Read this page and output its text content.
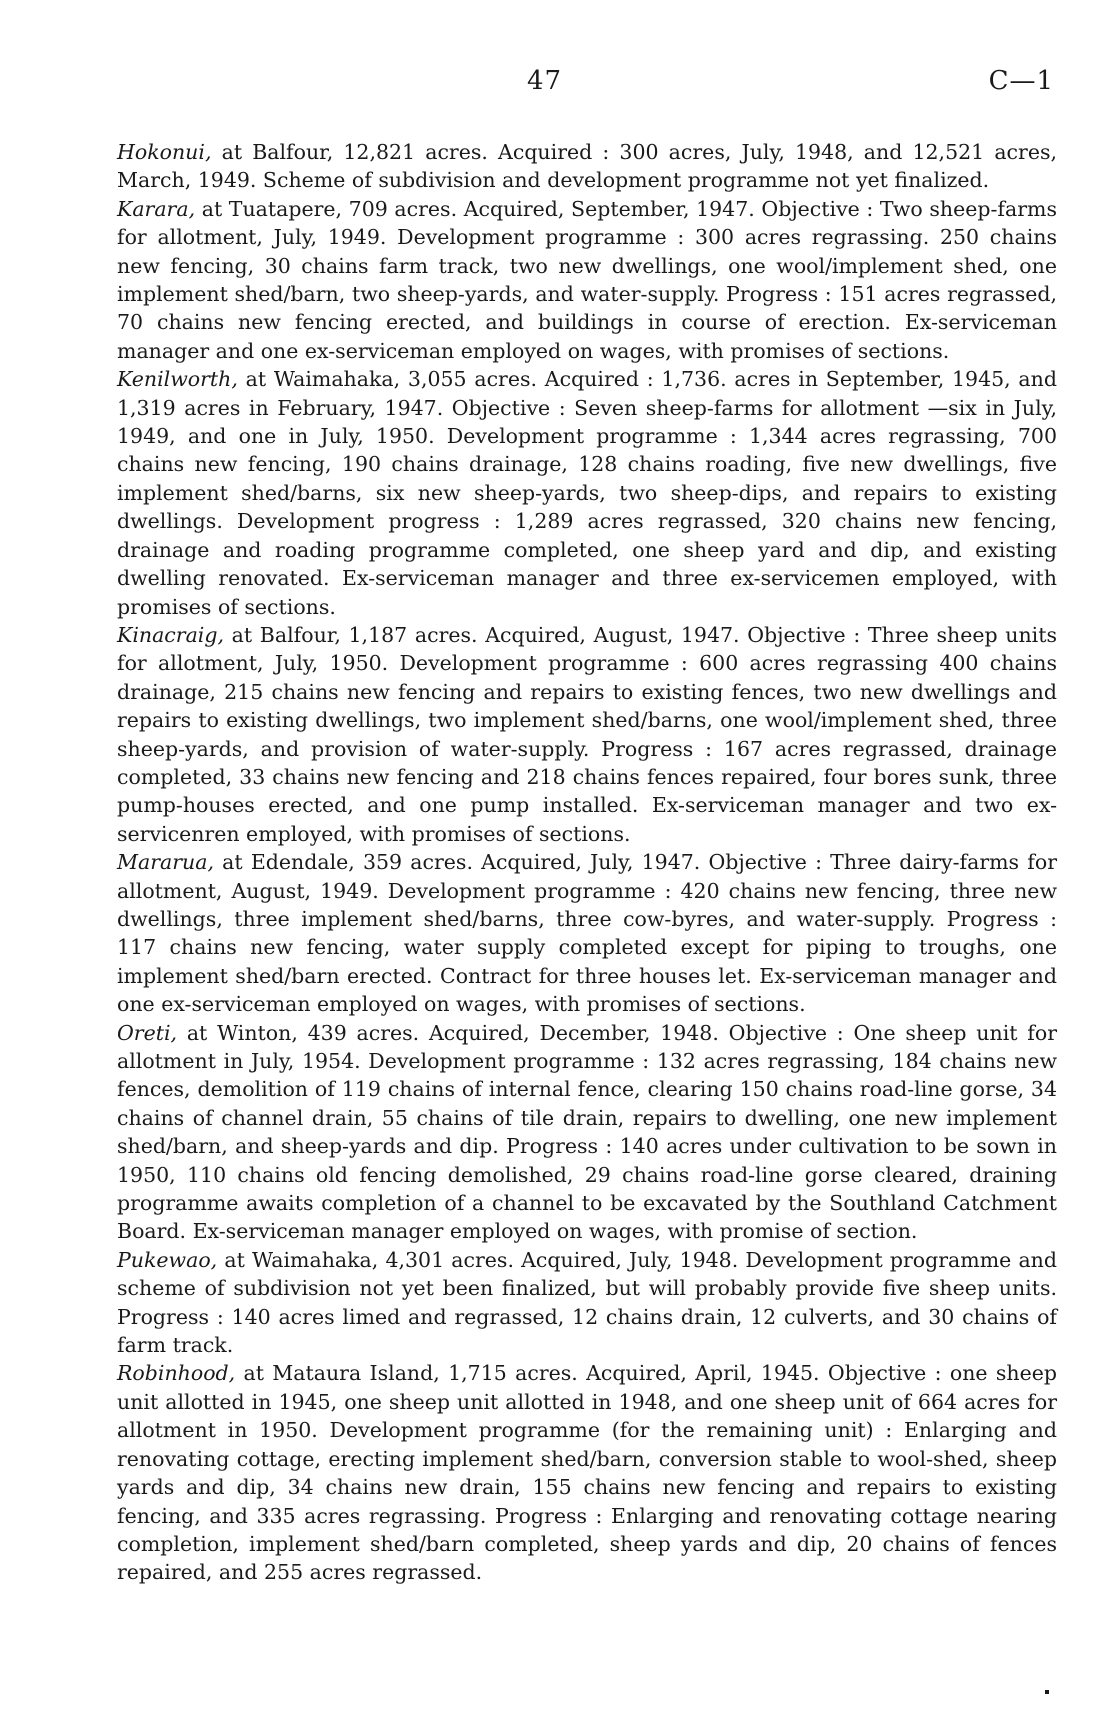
47	C—1

Hokonui, at Balfour, 12,821 acres. Acquired : 300 acres, July, 1948, and 12,521 acres, March, 1949. Scheme of subdivision and development programme not yet finalized.

Karara, at Tuatapere, 709 acres. Acquired, September, 1947. Objective : Two sheep-farms for allotment, July, 1949. Development programme : 300 acres regrassing. 250 chains new fencing, 30 chains farm track, two new dwellings, one wool/implement shed, one implement shed/barn, two sheep-yards, and water-supply. Progress : 151 acres regrassed, 70 chains new fencing erected, and buildings in course of erection. Ex-serviceman manager and one ex-serviceman employed on wages, with promises of sections.

Kenilworth, at Waimahaka, 3,055 acres. Acquired : 1,736. acres in September, 1945, and 1,319 acres in February, 1947. Objective : Seven sheep-farms for allotment —six in July, 1949, and one in July, 1950. Development programme : 1,344 acres regrassing, 700 chains new fencing, 190 chains drainage, 128 chains roading, five new dwellings, five implement shed/barns, six new sheep-yards, two sheep-dips, and repairs to existing dwellings. Development progress : 1,289 acres regrassed, 320 chains new fencing, drainage and roading programme completed, one sheep yard and dip, and existing dwelling renovated. Ex-serviceman manager and three ex-servicemen employed, with promises of sections.

Kinacraig, at Balfour, 1,187 acres. Acquired, August, 1947. Objective : Three sheep units for allotment, July, 1950. Development programme : 600 acres regrassing 400 chains drainage, 215 chains new fencing and repairs to existing fences, two new dwellings and repairs to existing dwellings, two implement shed/barns, one wool/implement shed, three sheep-yards, and provision of water-supply. Progress : 167 acres regrassed, drainage completed, 33 chains new fencing and 218 chains fences repaired, four bores sunk, three pump-houses erected, and one pump installed. Ex-serviceman manager and two ex-servicenren employed, with promises of sections.

Mararua, at Edendale, 359 acres. Acquired, July, 1947. Objective : Three dairy-farms for allotment, August, 1949. Development programme : 420 chains new fencing, three new dwellings, three implement shed/barns, three cow-byres, and water-supply. Progress : 117 chains new fencing, water supply completed except for piping to troughs, one implement shed/barn erected. Contract for three houses let. Ex-serviceman manager and one ex-serviceman employed on wages, with promises of sections.

Oreti, at Winton, 439 acres. Acquired, December, 1948. Objective : One sheep unit for allotment in July, 1954. Development programme : 132 acres regrassing, 184 chains new fences, demolition of 119 chains of internal fence, clearing 150 chains road-line gorse, 34 chains of channel drain, 55 chains of tile drain, repairs to dwelling, one new implement shed/barn, and sheep-yards and dip. Progress : 140 acres under cultivation to be sown in 1950, 110 chains old fencing demolished, 29 chains road-line gorse cleared, draining programme awaits completion of a channel to be excavated by the Southland Catchment Board. Ex-serviceman manager employed on wages, with promise of section.

Pukewao, at Waimahaka, 4,301 acres. Acquired, July, 1948. Development programme and scheme of subdivision not yet been finalized, but will probably provide five sheep units. Progress : 140 acres limed and regrassed, 12 chains drain, 12 culverts, and 30 chains of farm track.

Robinhood, at Mataura Island, 1,715 acres. Acquired, April, 1945. Objective : one sheep unit allotted in 1945, one sheep unit allotted in 1948, and one sheep unit of 664 acres for allotment in 1950. Development programme (for the remaining unit) : Enlarging and renovating cottage, erecting implement shed/barn, conversion stable to wool-shed, sheep yards and dip, 34 chains new drain, 155 chains new fencing and repairs to existing fencing, and 335 acres regrassing. Progress : Enlarging and renovating cottage nearing completion, implement shed/barn completed, sheep yards and dip, 20 chains of fences repaired, and 255 acres regrassed.
